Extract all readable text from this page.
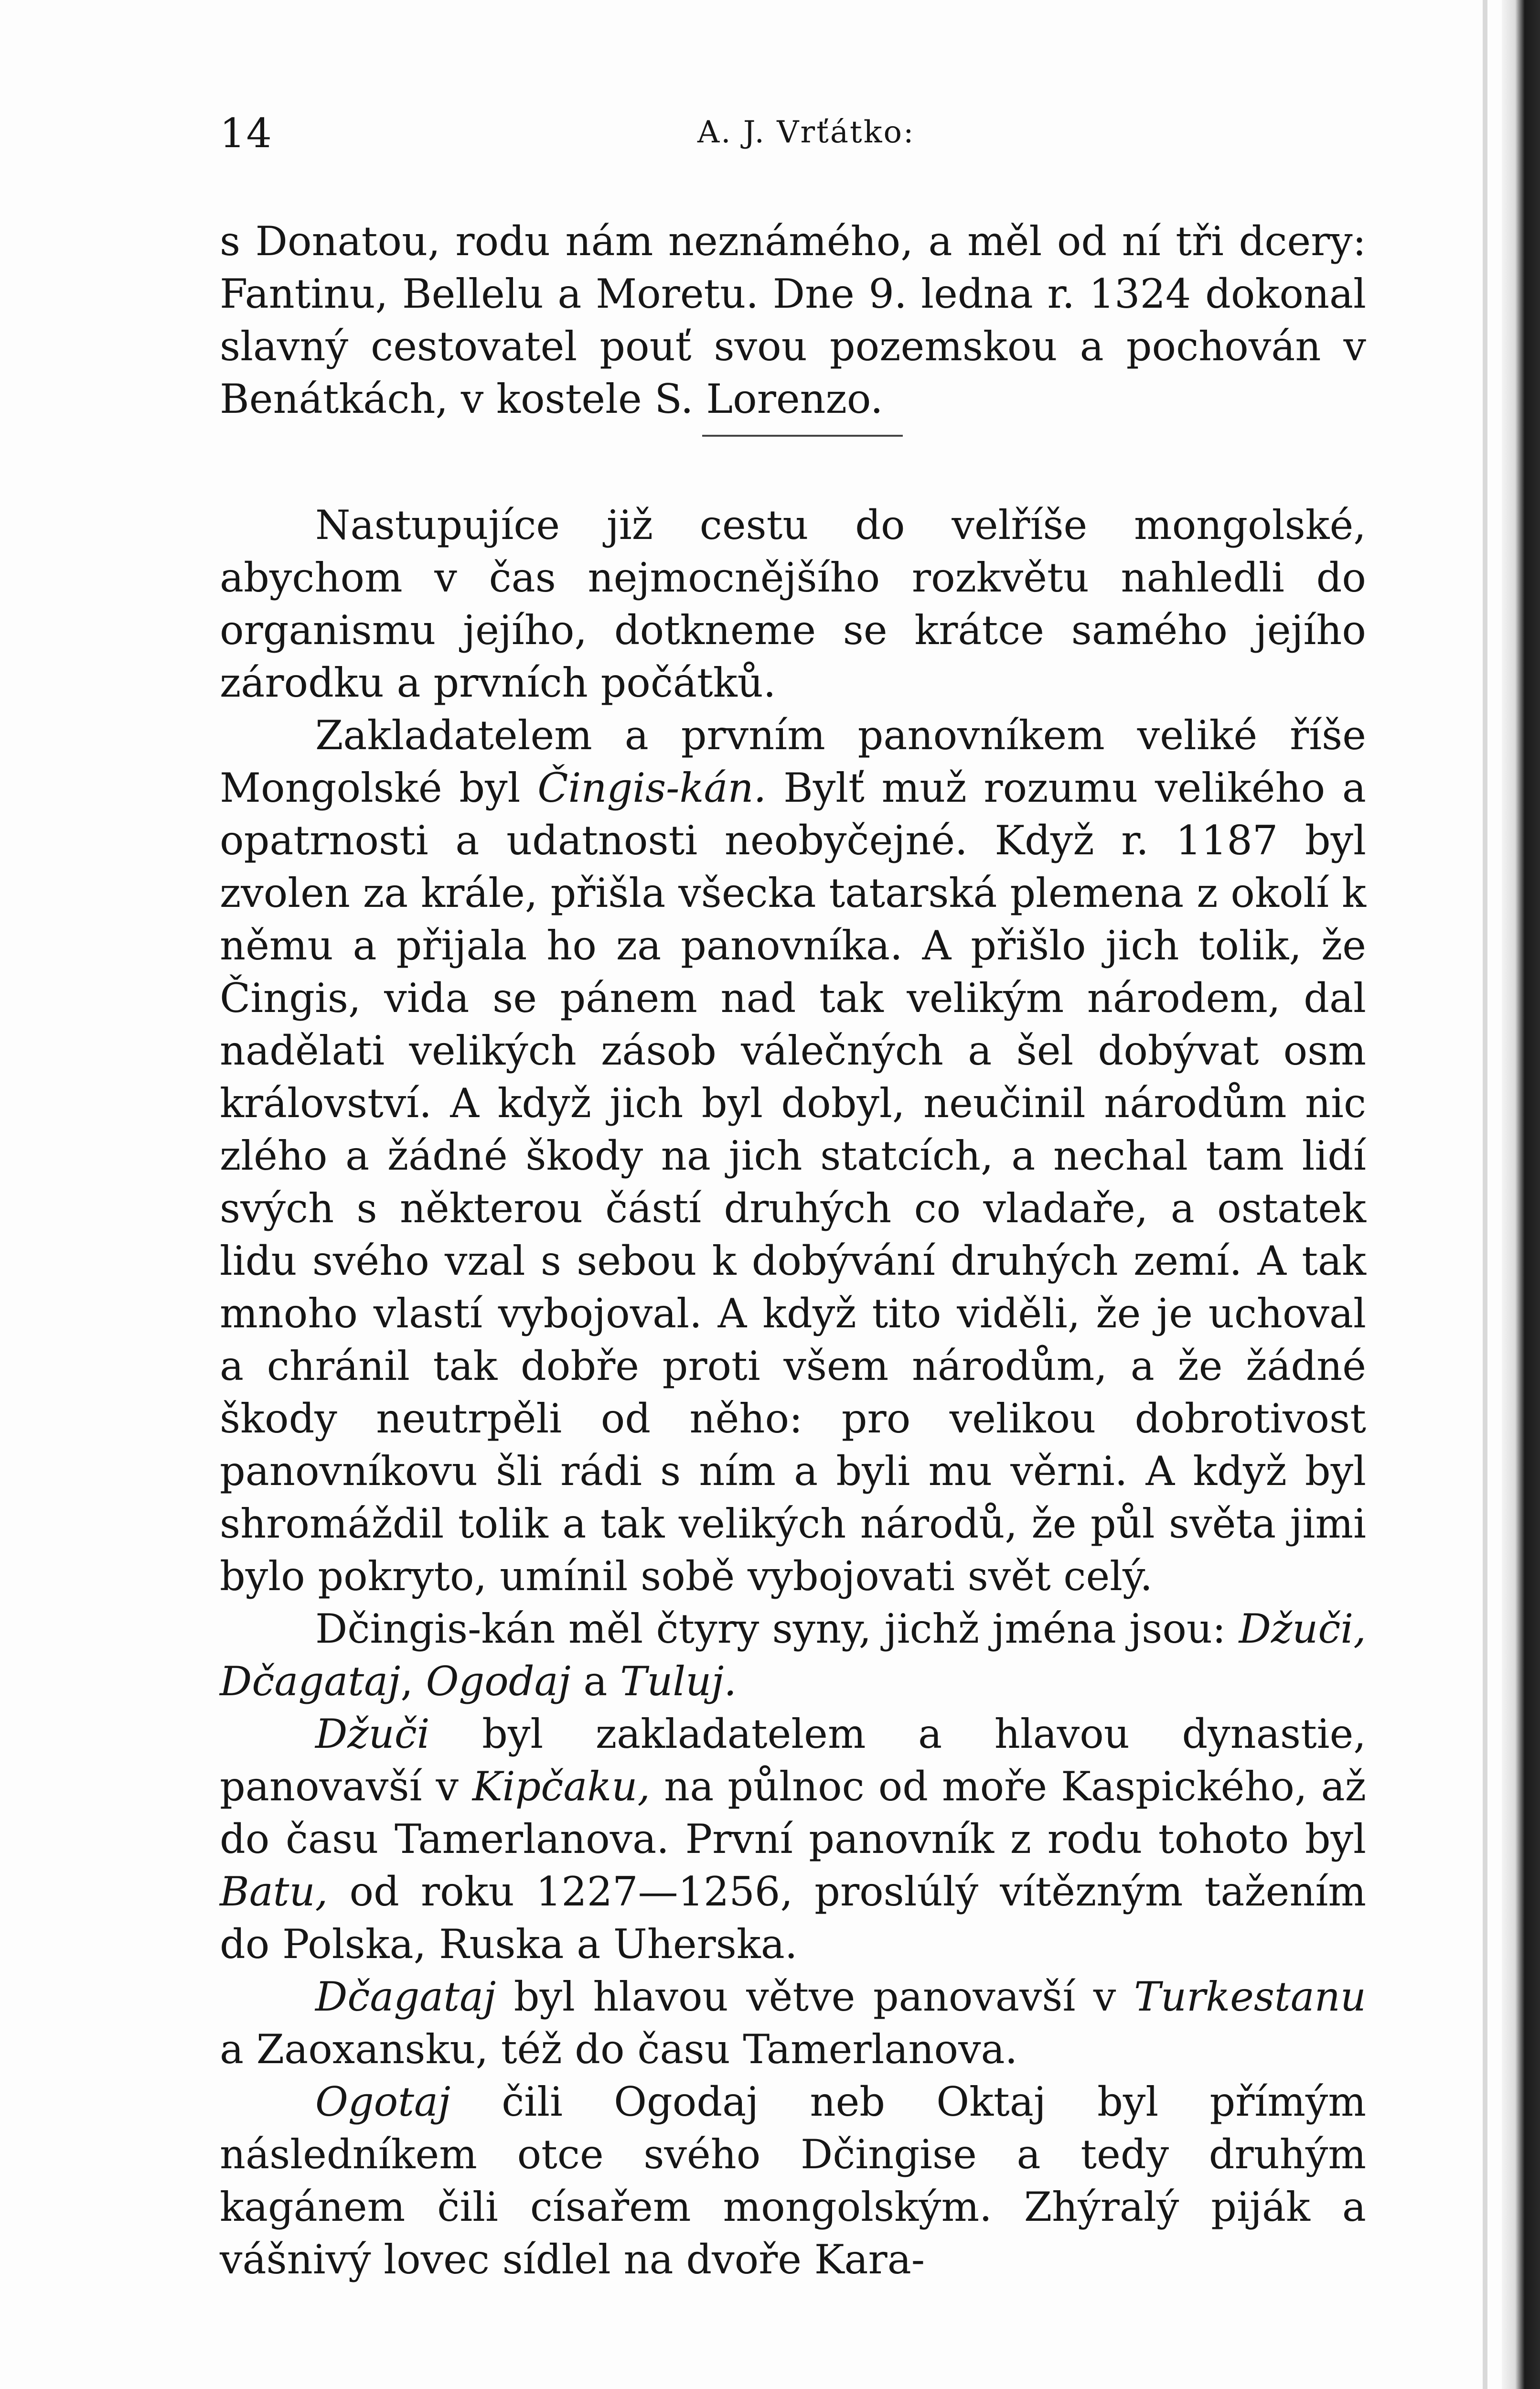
14	A. J. Vrťátko:

s Donatou, rodu nám neznámého, a měl od ní tři dcery: Fantinu, Bellelu a Moretu. Dne 9. ledna r. 1324 dokonal slavný cestovatel pouť svou pozemskou a pochován v Benátkách, v kostele S. Lorenzo.

Nastupujíce již cestu do velříše mongolské, abychom v čas nejmocnějšího rozkvětu nahledli do organismu jejího, dotkneme se krátce samého jejího zárodku a prvních počátků.

Zakladatelem a prvním panovníkem veliké říše Mongolské byl Čingis-kán. Bylť muž rozumu velikého a opatrnosti a udatnosti neobyčejné. Když r. 1187 byl zvolen za krále, přišla všecka tatarská plemena z okolí k němu a přijala ho za panovníka. A přišlo jich tolik, že Čingis, vida se pánem nad tak velikým národem, dal nadělati velikých zásob válečných a šel dobývat osm království. A když jich byl dobyl, neučinil národům nic zlého a žádné škody na jich statcích, a nechal tam lidí svých s některou částí druhých co vladaře, a ostatek lidu svého vzal s sebou k dobývání druhých zemí. A tak mnoho vlastí vybojoval. A když tito viděli, že je uchoval a chránil tak dobře proti všem národům, a že žádné škody neutrpěli od něho: pro velikou dobrotivost panovníkovu šli rádi s ním a byli mu věrni. A když byl shromáždil tolik a tak velikých národů, že půl světa jimi bylo pokryto, umínil sobě vybojovati svět celý.

Dčingis-kán měl čtyry syny, jichž jména jsou: Džuči, Dčagataj, Ogodaj a Tuluj.

Džuči byl zakladatelem a hlavou dynastie, panovavší v Kipčaku, na půlnoc od moře Kaspického, až do času Tamerlanova. První panovník z rodu tohoto byl Batu, od roku 1227—1256, proslúlý vítězným tažením do Polska, Ruska a Uherska.

Dčagataj byl hlavou větve panovavší v Turkestanu a Zaoxansku, též do času Tamerlanova.

Ogotaj čili Ogodaj neb Oktaj byl přímým následníkem otce svého Dčingise a tedy druhým kagánem čili císařem mongolským. Zhýralý piják a vášnivý lovec sídlel na dvoře Kara-
